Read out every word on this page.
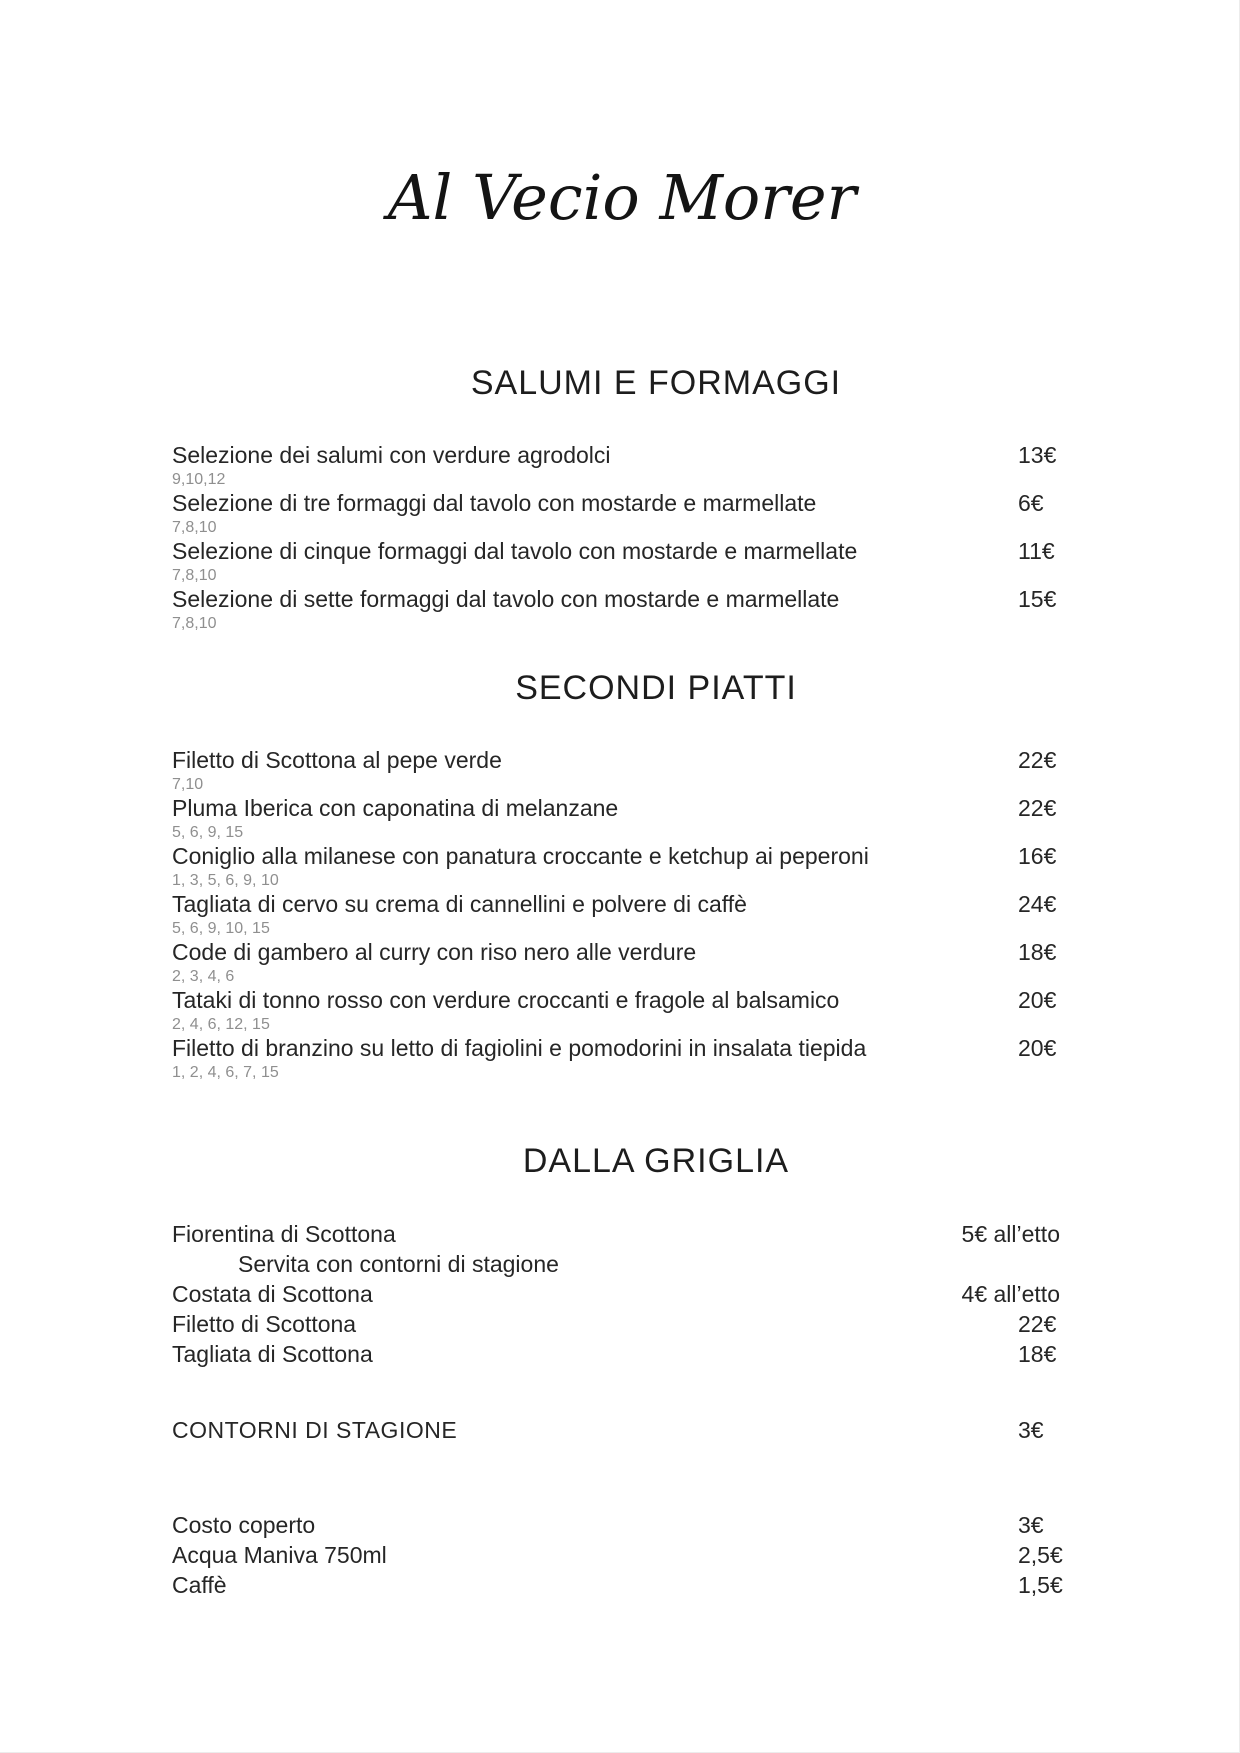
Al Vecio Morer
SALUMI E FORMAGGI
Selezione dei salumi con verdure agrodolci	13€
9,10,12
Selezione di tre formaggi dal tavolo con mostarde e marmellate	6€
7,8,10
Selezione di cinque formaggi dal tavolo con mostarde e marmellate	11€
7,8,10
Selezione di sette formaggi dal tavolo con mostarde e marmellate	15€
7,8,10
SECONDI PIATTI
Filetto di Scottona al pepe verde	22€
7,10
Pluma Iberica con caponatina di melanzane	22€
5, 6, 9, 15
Coniglio alla milanese con panatura croccante e ketchup ai peperoni	16€
1, 3, 5, 6, 9, 10
Tagliata di cervo su crema di cannellini e polvere di caffè	24€
5, 6, 9, 10, 15
Code di gambero al curry con riso nero alle verdure	18€
2, 3, 4, 6
Tataki di tonno rosso con verdure croccanti e fragole al balsamico	20€
2, 4, 6, 12, 15
Filetto di branzino su letto di fagiolini e pomodorini in insalata tiepida	20€
1, 2, 4, 6, 7, 15
DALLA GRIGLIA
Fiorentina di Scottona	5€ all’etto
Servita con contorni di stagione
Costata di Scottona	4€ all’etto
Filetto di Scottona	22€
Tagliata di Scottona	18€
CONTORNI DI STAGIONE	3€
Costo coperto	3€
Acqua Maniva 750ml	2,5€
Caffè	1,5€
